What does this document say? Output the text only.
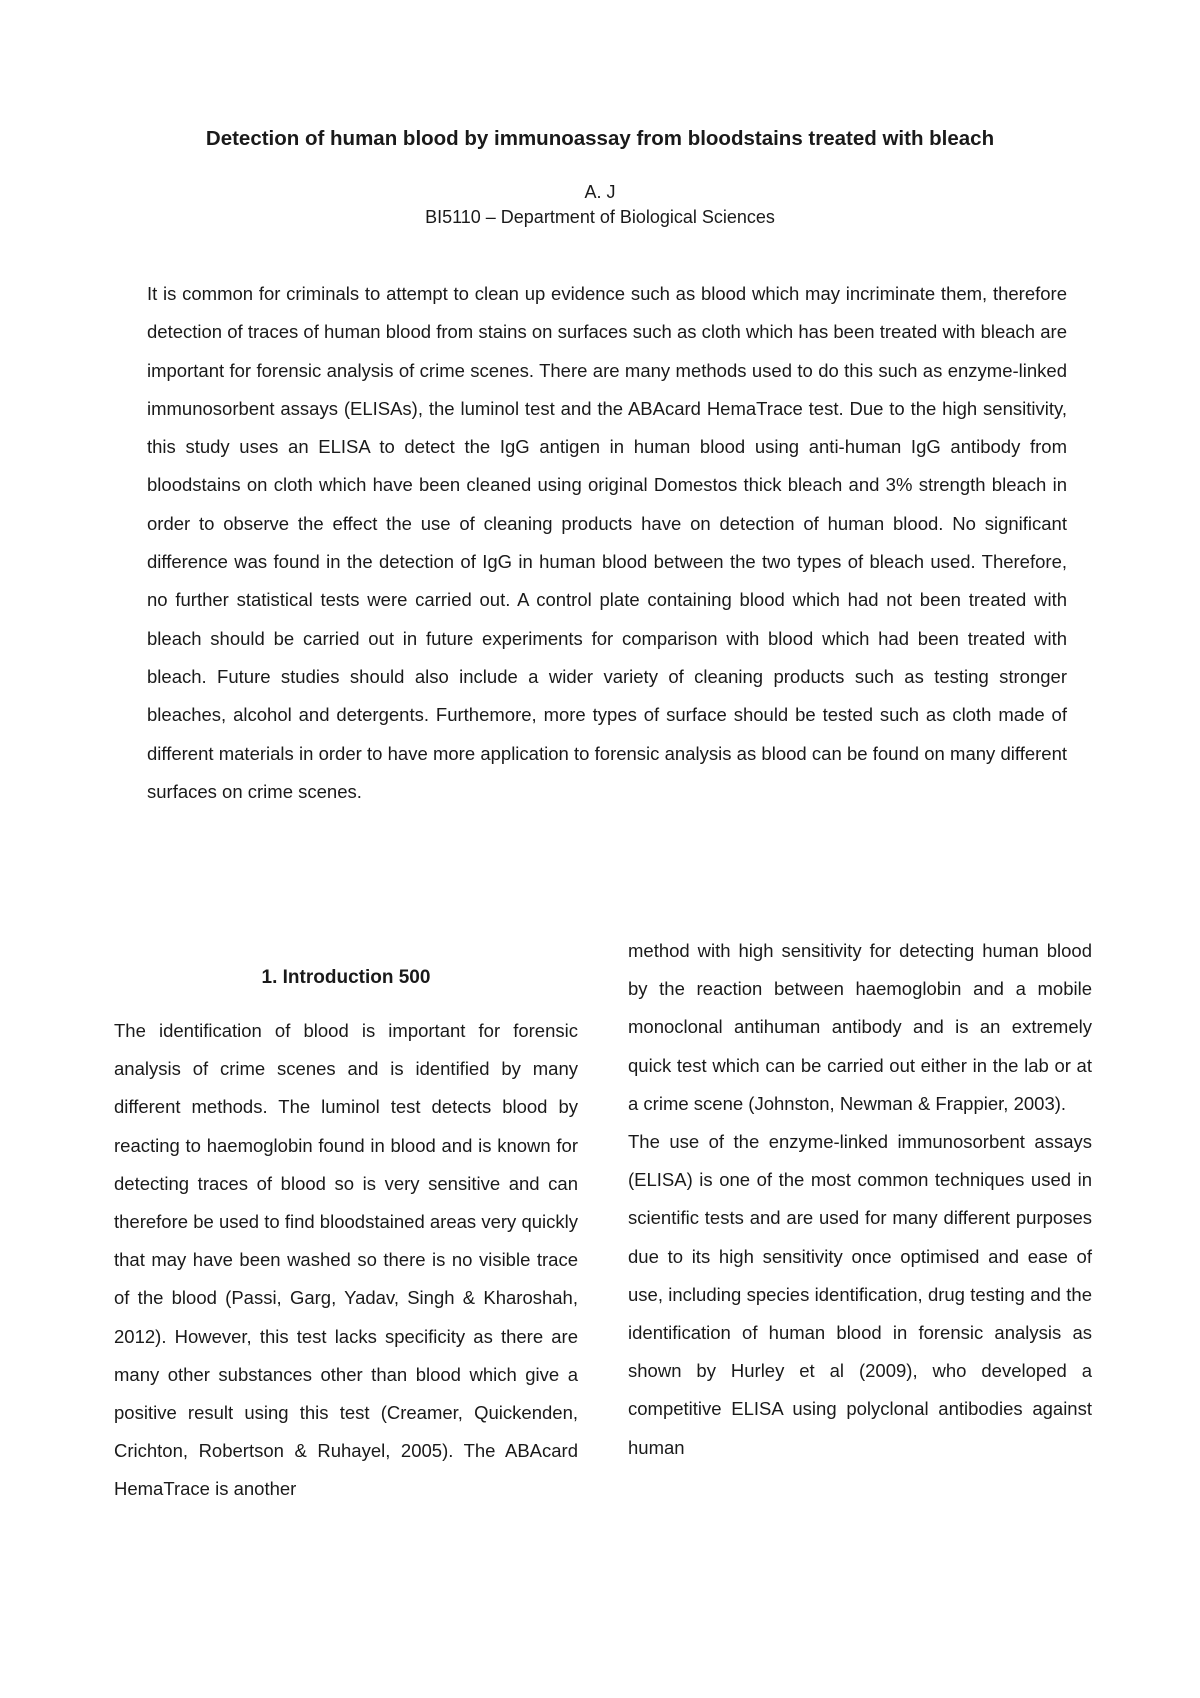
Detection of human blood by immunoassay from bloodstains treated with bleach
A. J
BI5110 – Department of Biological Sciences

It is common for criminals to attempt to clean up evidence such as blood which may incriminate them, therefore detection of traces of human blood from stains on surfaces such as cloth which has been treated with bleach are important for forensic analysis of crime scenes. There are many methods used to do this such as enzyme-linked immunosorbent assays (ELISAs), the luminol test and the ABAcard HemaTrace test. Due to the high sensitivity, this study uses an ELISA to detect the IgG antigen in human blood using anti-human IgG antibody from bloodstains on cloth which have been cleaned using original Domestos thick bleach and 3% strength bleach in order to observe the effect the use of cleaning products have on detection of human blood. No significant difference was found in the detection of IgG in human blood between the two types of bleach used. Therefore, no further statistical tests were carried out. A control plate containing blood which had not been treated with bleach should be carried out in future experiments for comparison with blood which had been treated with bleach. Future studies should also include a wider variety of cleaning products such as testing stronger bleaches, alcohol and detergents. Furthemore, more types of surface should be tested such as cloth made of different materials in order to have more application to forensic analysis as blood can be found on many different surfaces on crime scenes.

1. Introduction 500

The identification of blood is important for forensic analysis of crime scenes and is identified by many different methods. The luminol test detects blood by reacting to haemoglobin found in blood and is known for detecting traces of blood so is very sensitive and can therefore be used to find bloodstained areas very quickly that may have been washed so there is no visible trace of the blood (Passi, Garg, Yadav, Singh & Kharoshah, 2012). However, this test lacks specificity as there are many other substances other than blood which give a positive result using this test (Creamer, Quickenden, Crichton, Robertson & Ruhayel, 2005). The ABAcard HemaTrace is another

method with high sensitivity for detecting human blood by the reaction between haemoglobin and a mobile monoclonal antihuman antibody and is an extremely quick test which can be carried out either in the lab or at a crime scene (Johnston, Newman & Frappier, 2003).

The use of the enzyme-linked immunosorbent assays (ELISA) is one of the most common techniques used in scientific tests and are used for many different purposes due to its high sensitivity once optimised and ease of use, including species identification, drug testing and the identification of human blood in forensic analysis as shown by Hurley et al (2009), who developed a competitive ELISA using polyclonal antibodies against human
